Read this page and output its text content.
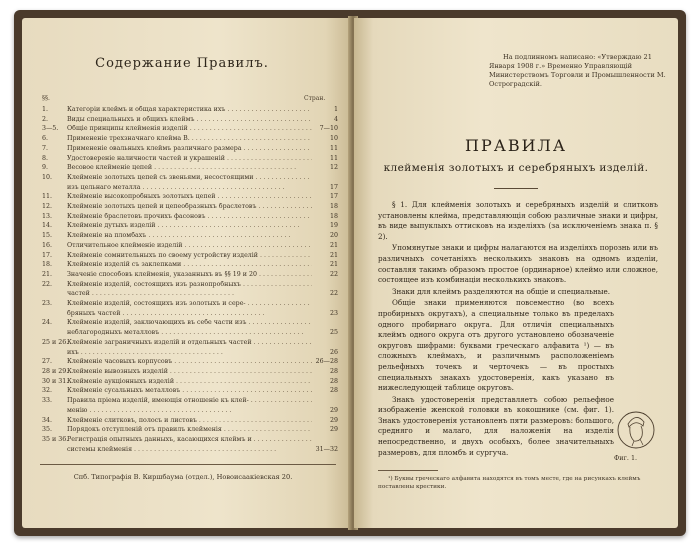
Содержание Правилъ.
§§.	Стран.
1.	Категорiи клеймъ и общая характеристика ихъ . . .	1
2.	Виды специальныхъ и общихъ клеймъ . . .	4
3—5.	Общiе принципы клейменiя изделiй . . .	7—10
6.	Примененiе трехзначнаго клейма В. . . .	10
7.	Примененiе овальныхъ клеймъ различнаго размера . . .	11
8.	Удостоверенiе наличности частей и украшенiй . . .	11
9.	Весовое клейменiе цепей . . .	12
10.	Клейменiе золотыхъ цепей съ звеньями, несостоящими . . .
изъ цельнаго металла . . .	17
11.	Клейменiе высокопробныхъ золотыхъ цепей . . .	17
12.	Клейменiе золотыхъ цепей и цепеобразныхъ браслетовъ . . .	18
13.	Клейменiе браслетовъ прочихъ фасоновъ . . .	18
14.	Клейменiе дутыхъ изделiй . . .	19
15.	Клейменiе на пломбахъ . . .	20
16.	Отличительное клейменiе изделiй . . .	21
17.	Клейменiе сомнительныхъ по своему устройству изделiй . . .	21
18.	Клейменiе изделiй съ заклепками . . .	21
21.	Значенiе способовъ клейменiя, указанныхъ въ §§ 19 и 20 . . .	22
22.	Клейменiе изделiй, состоящихъ изъ разнопробныхъ . . .
частей . . .	22
23.	Клейменiе изделiй, состоящихъ изъ золотыхъ и сере- . . .
бряныхъ частей . . .	23
24.	Клейменiе изделiй, заключающихъ въ себе части изъ . . .
неблагородныхъ металловъ . . .	25
25 и 26.
Клейменiе заграничныхъ изделiй и отдельныхъ частей . . .
ихъ . . .	26
27.	Клейменiе часовыхъ корпусовъ . . .	26—28
28 и 29.
Клейменiе вывозныхъ изделiй . . .	28
30 и 31.
Клейменiе аукцiонныхъ изделiй . . .	28
32.	Клейменiе сусальныхъ металловъ . . .	28
33.	Правила прiема изделiй, имеющiя отношенiе къ клей- . . .
менiю . . .	29
34.	Клейменiе слитковъ, полосъ и листовъ . . .	29
35.	Порядокъ отступленiй отъ правилъ клейменiя . . .	29
35 и 36.
Регистрацiя опытныхъ данныхъ, касающихся клеймъ и . . .
системы клейменiя . . .	31—32
Спб. Типографiя В. Киршбаума (отдел.), Новоисаакiевская 20.
На подлинномъ написано: «Утверждаю 21 Января 1908 г.» Временно Управляющiй Министерствомъ Торговли и Промышленности М. Остроградскiй.
ПРАВИЛА
клейменiя золотыхъ и серебряныхъ изделiй.

§ 1. Для клейменiя золотыхъ и серебряныхъ изделiй и слитковъ установлены клейма, представляющiя собою различные знаки и цифры, въ виде выпуклыхъ оттисковъ на изделiяхъ (за исключенiемъ знака п. § 2).

Упомянутые знаки и цифры налагаются на изделiяхъ порознь или въ различныхъ сочетанiяхъ несколькихъ знаковъ на одномъ изделiи, составляя такимъ образомъ простое (ординарное) клеймо или сложное, состоящее изъ комбинацiи несколькихъ знаковъ.

Знаки для клеймъ разделяются на общiе и специальные.

Общiе знаки применяются повсеместно (во всехъ пробирныхъ округахъ), а специальные только въ пределахъ одного пробирнаго округа. Для отличiя специальныхъ клеймъ одного округа отъ другого установлено обозначенiе округовъ шифрами: буквами греческаго алфавита ¹) — въ сложныхъ клеймахъ, и различнымъ расположенiемъ рельефныхъ точекъ и черточекъ — въ простыхъ специальныхъ знакахъ удостоверенiя, какъ указано въ нижеследующей таблице округовъ.

Знакъ удостоверенiя представляетъ собою рельефное изображенiе женской головки въ кокошнике (см. фиг. 1). Знакъ удостоверенiя установленъ пяти размеровъ: большого, средняго и малаго, для наложенiя на изделiя непосредственно, и двухъ особыхъ, более значительныхъ размеровъ, для пломбъ и сургуча.

Фиг. 1.
¹) Буквы греческаго алфавита находятся въ томъ месте, где на рисункахъ клеймъ поставлены крестики.
